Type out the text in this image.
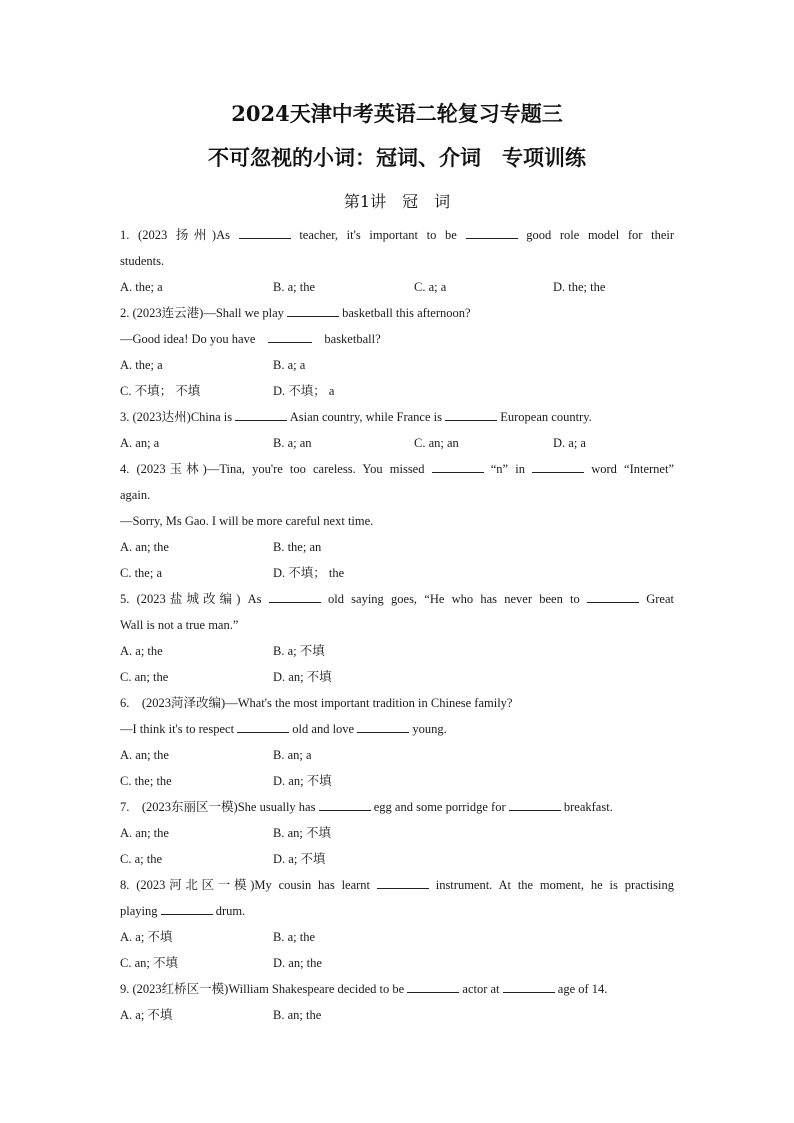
2024天津中考英语二轮复习专题三
不可忽视的小词：冠词、介词　专项训练
第1讲　冠　词
1. (2023 扬州)As	teacher, it's important to be	good role model for their
students.
A. the; a	B. a; the	C. a; a	D. the; the
2. (2023连云港)—Shall we play	basketball this afternoon?
—Good idea! Do you have　	　basketball?
A. the; a	B. a; a
C. 不填； 不填	D. 不填； a
3. (2023达州)China is	Asian country, while France is	European country.
A. an; a	B. a; an	C. an; an	D. a; a
4. (2023玉林)—Tina, you're too careless. You missed	“n” in	word “Internet”
again.
—Sorry, Ms Gao. I will be more careful next time.
A. an; the	B. the; an
C. the; a	D. 不填； the
5. (2023盐城改编) As	old saying goes, “He who has never been to	Great
Wall is not a true man.”
A. a; the	B. a; 不填
C. an; the	D. an; 不填
6.　(2023菏泽改编)—What's the most important tradition in Chinese family?
—I think it's to respect	old and love	young.
A. an; the	B. an; a
C. the; the	D. an; 不填
7.　(2023东丽区一模)She usually has	egg and some porridge for	breakfast.
A. an; the	B. an; 不填
C. a; the	D. a; 不填
8. (2023河北区一模)My cousin has learnt	instrument. At the moment, he is practising
playing	drum.
A. a; 不填	B. a; the
C. an; 不填	D. an; the
9. (2023红桥区一模)William Shakespeare decided to be	actor at	age of 14.
A. a; 不填	B. an; the
